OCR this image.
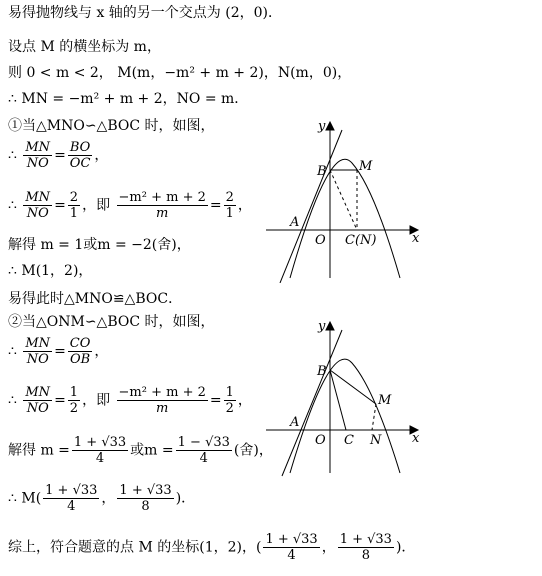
易得抛物线与 x 轴的另一个交点为 (2，0)．
设点 M 的横坐标为 m，
则 0 < m < 2， M(m，−m² + m + 2)，N(m，0)，
∴ MN = −m² + m + 2，NO = m．
①当△MNO∽△BOC 时，如图，
∴ $\frac{MN}{NO} = \frac{BO}{OC}$ ，
∴ $\frac{MN}{NO} = \frac{2}{1}$ ，即 $\frac{\text{−m² + m + 2}}{m} = \frac{2}{1}$ ，
解得 m = 1或m = −2(舍)，
∴ M(1，2)，
易得此时△MNO≌△BOC．
②当△ONM∽△BOC 时，如图，
∴ $\frac{MN}{NO} = \frac{CO}{OB}$ ，
∴ $\frac{MN}{NO} = \frac{1}{2}$ ，即 $\frac{\text{−m² + m + 2}}{m} = \frac{1}{2}$ ，
解得 $m = \frac{1 + √33}{4}$ 或$m = \frac{1 - √33}{4}$ (舍)，
∴ $M( \frac{1 + √33}{4}$ ， $\frac{1 + √33}{8}$ )．
综上，符合题意的点 M 的坐标(1，2)，( $\frac{1 + √33}{4}$ ， $\frac{1 + √33}{8}$ )．
y
x
B M
A
O C(N)
y
x
B
M
A
O C N
